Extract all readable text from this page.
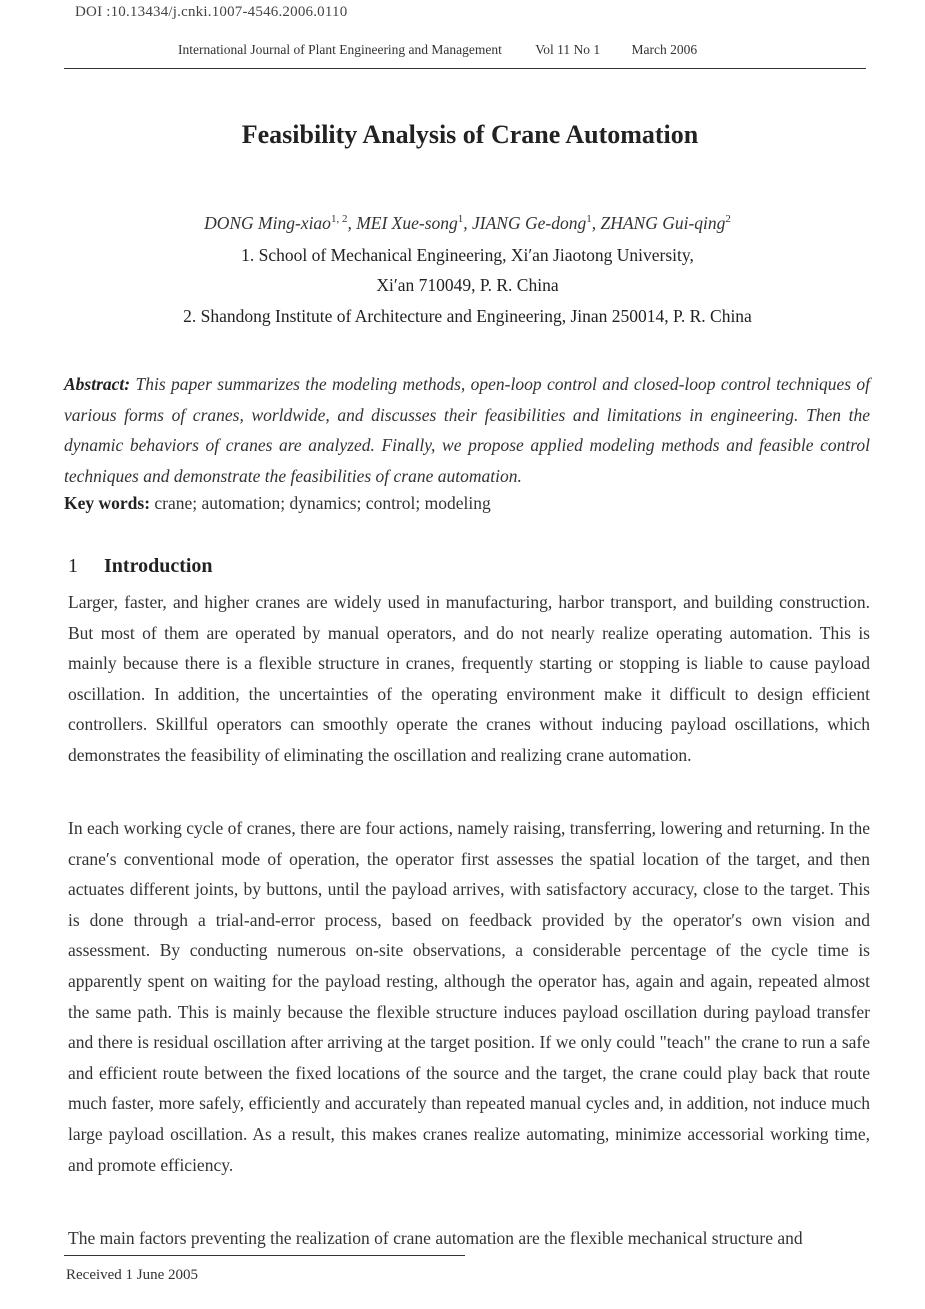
DOI :10.13434/j.cnki.1007-4546.2006.0110
International Journal of Plant Engineering and Management Vol 11 No 1 March 2006
Feasibility Analysis of Crane Automation
DONG Ming-xiao$^{1, 2}$, MEI Xue-song$^1$, JIANG Ge-dong$^1$, ZHANG Gui-qing$^2$
1. School of Mechanical Engineering, Xi′an Jiaotong University,
Xi′an 710049, P. R. China
2. Shandong Institute of Architecture and Engineering, Jinan 250014, P. R. China
Abstract: This paper summarizes the modeling methods, open-loop control and closed-loop control techniques of various forms of cranes, worldwide, and discusses their feasibilities and limitations in engineering. Then the dynamic behaviors of cranes are analyzed. Finally, we propose applied modeling methods and feasible control techniques and demonstrate the feasibilities of crane automation.
Key words: crane; automation; dynamics; control; modeling
1 Introduction

Larger, faster, and higher cranes are widely used in manufacturing, harbor transport, and building construction. But most of them are operated by manual operators, and do not nearly realize operating automation. This is mainly because there is a flexible structure in cranes, frequently starting or stopping is liable to cause payload oscillation. In addition, the uncertainties of the operating environment make it difficult to design efficient controllers. Skillful operators can smoothly operate the cranes without inducing payload oscillations, which demonstrates the feasibility of eliminating the oscillation and realizing crane automation.

In each working cycle of cranes, there are four actions, namely raising, transferring, lowering and returning. In the crane′s conventional mode of operation, the operator first assesses the spatial location of the target, and then actuates different joints, by buttons, until the payload arrives, with satisfactory accuracy, close to the target. This is done through a trial-and-error process, based on feedback provided by the operator′s own vision and assessment. By conducting numerous on-site observations, a considerable percentage of the cycle time is apparently spent on waiting for the payload resting, although the operator has, again and again, repeated almost the same path. This is mainly because the flexible structure induces payload oscillation during payload transfer and there is residual oscillation after arriving at the target position. If we only could "teach" the crane to run a safe and efficient route between the fixed locations of the source and the target, the crane could play back that route much faster, more safely, efficiently and accurately than repeated manual cycles and, in addition, not induce much large payload oscillation. As a result, this makes cranes realize automating, minimize accessorial working time, and promote efficiency.

The main factors preventing the realization of crane automation are the flexible mechanical structure and

Received 1 June 2005
